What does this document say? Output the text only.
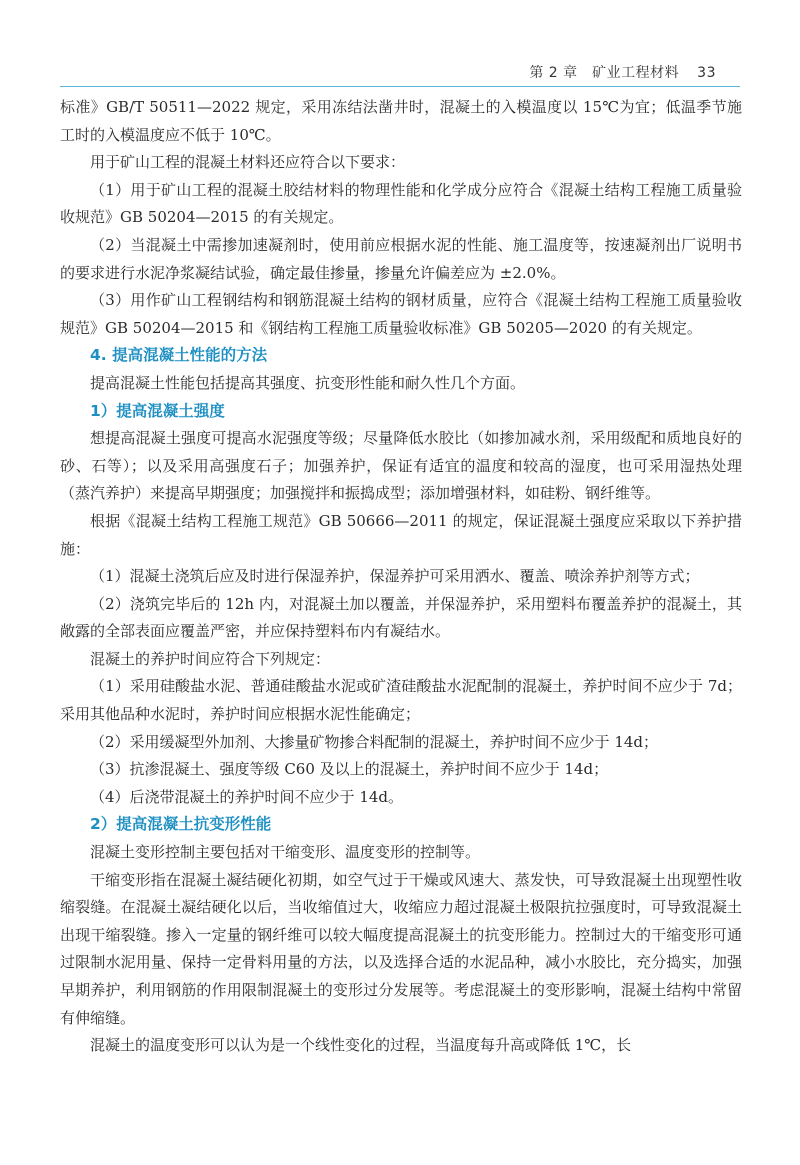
第 2 章　矿业工程材料 33

标准》GB/T 50511—2022 规定，采用冻结法凿井时，混凝土的入模温度以 15℃为宜；低温季节施工时的入模温度应不低于 10℃。

用于矿山工程的混凝土材料还应符合以下要求：

（1）用于矿山工程的混凝土胶结材料的物理性能和化学成分应符合《混凝土结构工程施工质量验收规范》GB 50204—2015 的有关规定。

（2）当混凝土中需掺加速凝剂时，使用前应根据水泥的性能、施工温度等，按速凝剂出厂说明书的要求进行水泥净浆凝结试验，确定最佳掺量，掺量允许偏差应为 ±2.0%。

（3）用作矿山工程钢结构和钢筋混凝土结构的钢材质量，应符合《混凝土结构工程施工质量验收规范》GB 50204—2015 和《钢结构工程施工质量验收标准》GB 50205—2020 的有关规定。

4. 提高混凝土性能的方法

提高混凝土性能包括提高其强度、抗变形性能和耐久性几个方面。

1）提高混凝土强度

想提高混凝土强度可提高水泥强度等级；尽量降低水胶比（如掺加减水剂，采用级配和质地良好的砂、石等）；以及采用高强度石子；加强养护，保证有适宜的温度和较高的湿度，也可采用湿热处理（蒸汽养护）来提高早期强度；加强搅拌和振捣成型；添加增强材料，如硅粉、钢纤维等。

根据《混凝土结构工程施工规范》GB 50666—2011 的规定，保证混凝土强度应采取以下养护措施：

（1）混凝土浇筑后应及时进行保湿养护，保湿养护可采用洒水、覆盖、喷涂养护剂等方式；

（2）浇筑完毕后的 12h 内，对混凝土加以覆盖，并保湿养护，采用塑料布覆盖养护的混凝土，其敞露的全部表面应覆盖严密，并应保持塑料布内有凝结水。

混凝土的养护时间应符合下列规定：

（1）采用硅酸盐水泥、普通硅酸盐水泥或矿渣硅酸盐水泥配制的混凝土，养护时间不应少于 7d；采用其他品种水泥时，养护时间应根据水泥性能确定；

（2）采用缓凝型外加剂、大掺量矿物掺合料配制的混凝土，养护时间不应少于 14d；

（3）抗渗混凝土、强度等级 C60 及以上的混凝土，养护时间不应少于 14d；

（4）后浇带混凝土的养护时间不应少于 14d。

2）提高混凝土抗变形性能

混凝土变形控制主要包括对干缩变形、温度变形的控制等。

干缩变形指在混凝土凝结硬化初期，如空气过于干燥或风速大、蒸发快，可导致混凝土出现塑性收缩裂缝。在混凝土凝结硬化以后，当收缩值过大，收缩应力超过混凝土极限抗拉强度时，可导致混凝土出现干缩裂缝。掺入一定量的钢纤维可以较大幅度提高混凝土的抗变形能力。控制过大的干缩变形可通过限制水泥用量、保持一定骨料用量的方法，以及选择合适的水泥品种，减小水胶比，充分捣实，加强早期养护，利用钢筋的作用限制混凝土的变形过分发展等。考虑混凝土的变形影响，混凝土结构中常留有伸缩缝。

混凝土的温度变形可以认为是一个线性变化的过程，当温度每升高或降低 1℃，长
